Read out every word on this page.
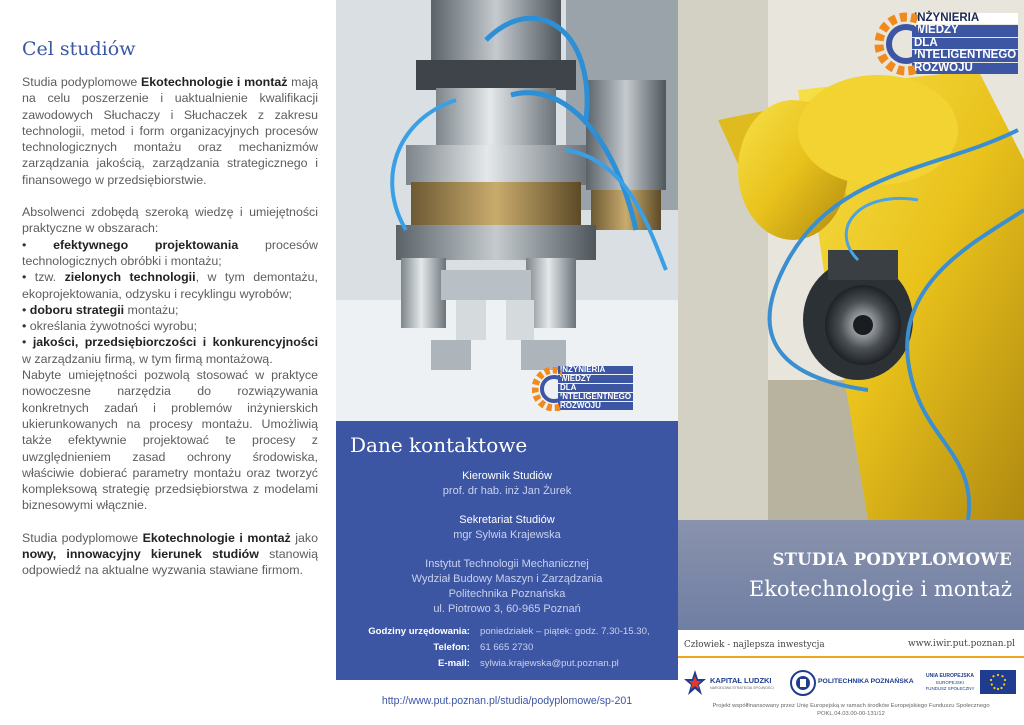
Cel studiów

Studia podyplomowe Ekotechnologie i montaż mają na celu poszerzenie i uaktualnienie kwalifikacji zawodowych Słuchaczy i Słuchaczek z zakresu technologii, metod i form organizacyjnych procesów technologicznych montażu oraz mechanizmów zarządzania jakością, zarządzania strategicznego i finansowego w przedsiębiorstwie.

Absolwenci zdobędą szeroką wiedzę i umiejętności praktyczne w obszarach:

• efektywnego projektowania procesów technologicznych obróbki i montażu;
• tzw. zielonych technologii, w tym demontażu, ekoprojektowania, odzysku i recyklingu wyrobów;
• doboru strategii montażu;
• określania żywotności wyrobu;
• jakości, przedsiębiorczości i konkurencyjności w zarządzaniu firmą, w tym firmą montażową.

Nabyte umiejętności pozwolą stosować w praktyce nowoczesne narzędzia do rozwiązywania konkretnych zadań i problemów inżynierskich ukierunkowanych na procesy montażu. Umożliwią także efektywnie projektować te procesy z uwzględnieniem zasad ochrony środowiska, właściwie dobierać parametry montażu oraz tworzyć kompleksową strategię przedsiębiorstwa z modelami biznesowymi włącznie.

Studia podyplomowe Ekotechnologie i montaż jako nowy, innowacyjny kierunek studiów stanowią odpowiedź na aktualne wyzwania stawiane firmom.

INŻYNIERIA
WIEDZY
DLA
INTELIGENTNEGO
ROZWOJU
Dane kontaktowe
Kierownik Studiów
prof. dr hab. inż Jan Żurek
Sekretariat Studiów
mgr Sylwia Krajewska
Instytut Technologii Mechanicznej
Wydział Budowy Maszyn i Zarządzania
Politechnika Poznańska
ul. Piotrowo 3, 60-965 Poznań
Godziny urzędowania: poniedziałek – piątek: godz. 7.30-15.30,
Telefon: 61 665 2730
E-mail: sylwia.krajewska@put.poznan.pl
http://www.put.poznan.pl/studia/podyplomowe/sp-201
INŻYNIERIA
WIEDZY
DLA
INTELIGENTNEGO
ROZWOJU
STUDIA PODYPLOMOWE
Ekotechnologie i montaż
Człowiek - najlepsza inwestycja	www.iwir.put.poznan.pl
KAPITAŁ LUDZKI
NARODOWA STRATEGIA SPÓJNOŚCI
POLITECHNIKA POZNAŃSKA
UNIA EUROPEJSKA
EUROPEJSKI
FUNDUSZ SPOŁECZNY
Projekt współfinansowany przez Unię Europejską w ramach środków Europejskiego Funduszu Społecznego
POKL.04.03.00-00-131/12
